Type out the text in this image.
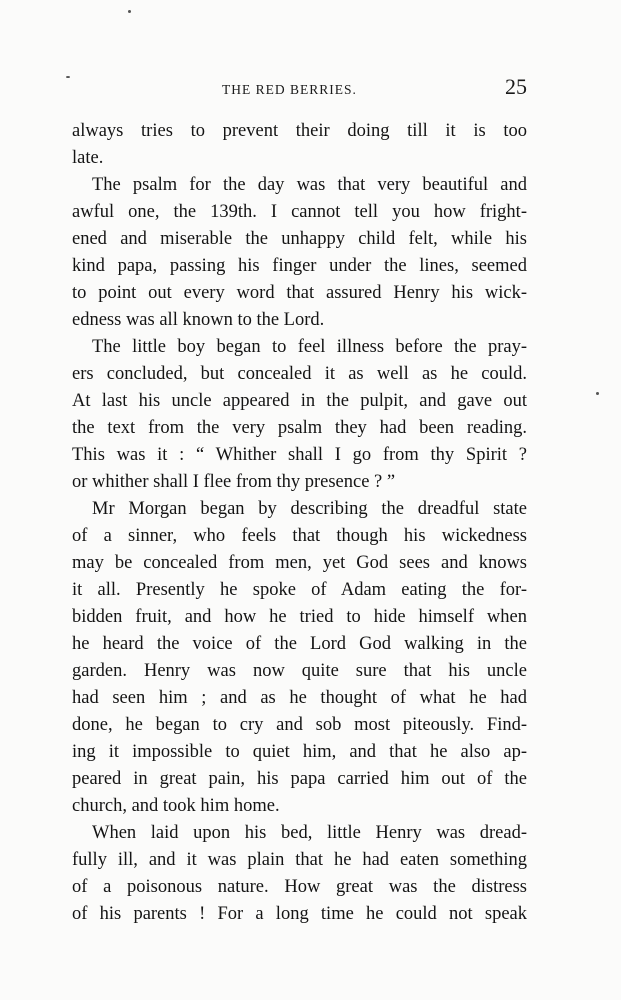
THE RED BERRIES.	25

always tries to prevent their doing till it is too
late.

The psalm for the day was that very beautiful and
awful one, the 139th. I cannot tell you how fright-
ened and miserable the unhappy child felt, while his
kind papa, passing his finger under the lines, seemed
to point out every word that assured Henry his wick-
edness was all known to the Lord.

The little boy began to feel illness before the pray-
ers concluded, but concealed it as well as he could.
At last his uncle appeared in the pulpit, and gave out
the text from the very psalm they had been reading.
This was it : “ Whither shall I go from thy Spirit ?
or whither shall I flee from thy presence ? ”

Mr Morgan began by describing the dreadful state
of a sinner, who feels that though his wickedness
may be concealed from men, yet God sees and knows
it all. Presently he spoke of Adam eating the for-
bidden fruit, and how he tried to hide himself when
he heard the voice of the Lord God walking in the
garden. Henry was now quite sure that his uncle
had seen him ; and as he thought of what he had
done, he began to cry and sob most piteously. Find-
ing it impossible to quiet him, and that he also ap-
peared in great pain, his papa carried him out of the
church, and took him home.

When laid upon his bed, little Henry was dread-
fully ill, and it was plain that he had eaten something
of a poisonous nature. How great was the distress
of his parents ! For a long time he could not speak
